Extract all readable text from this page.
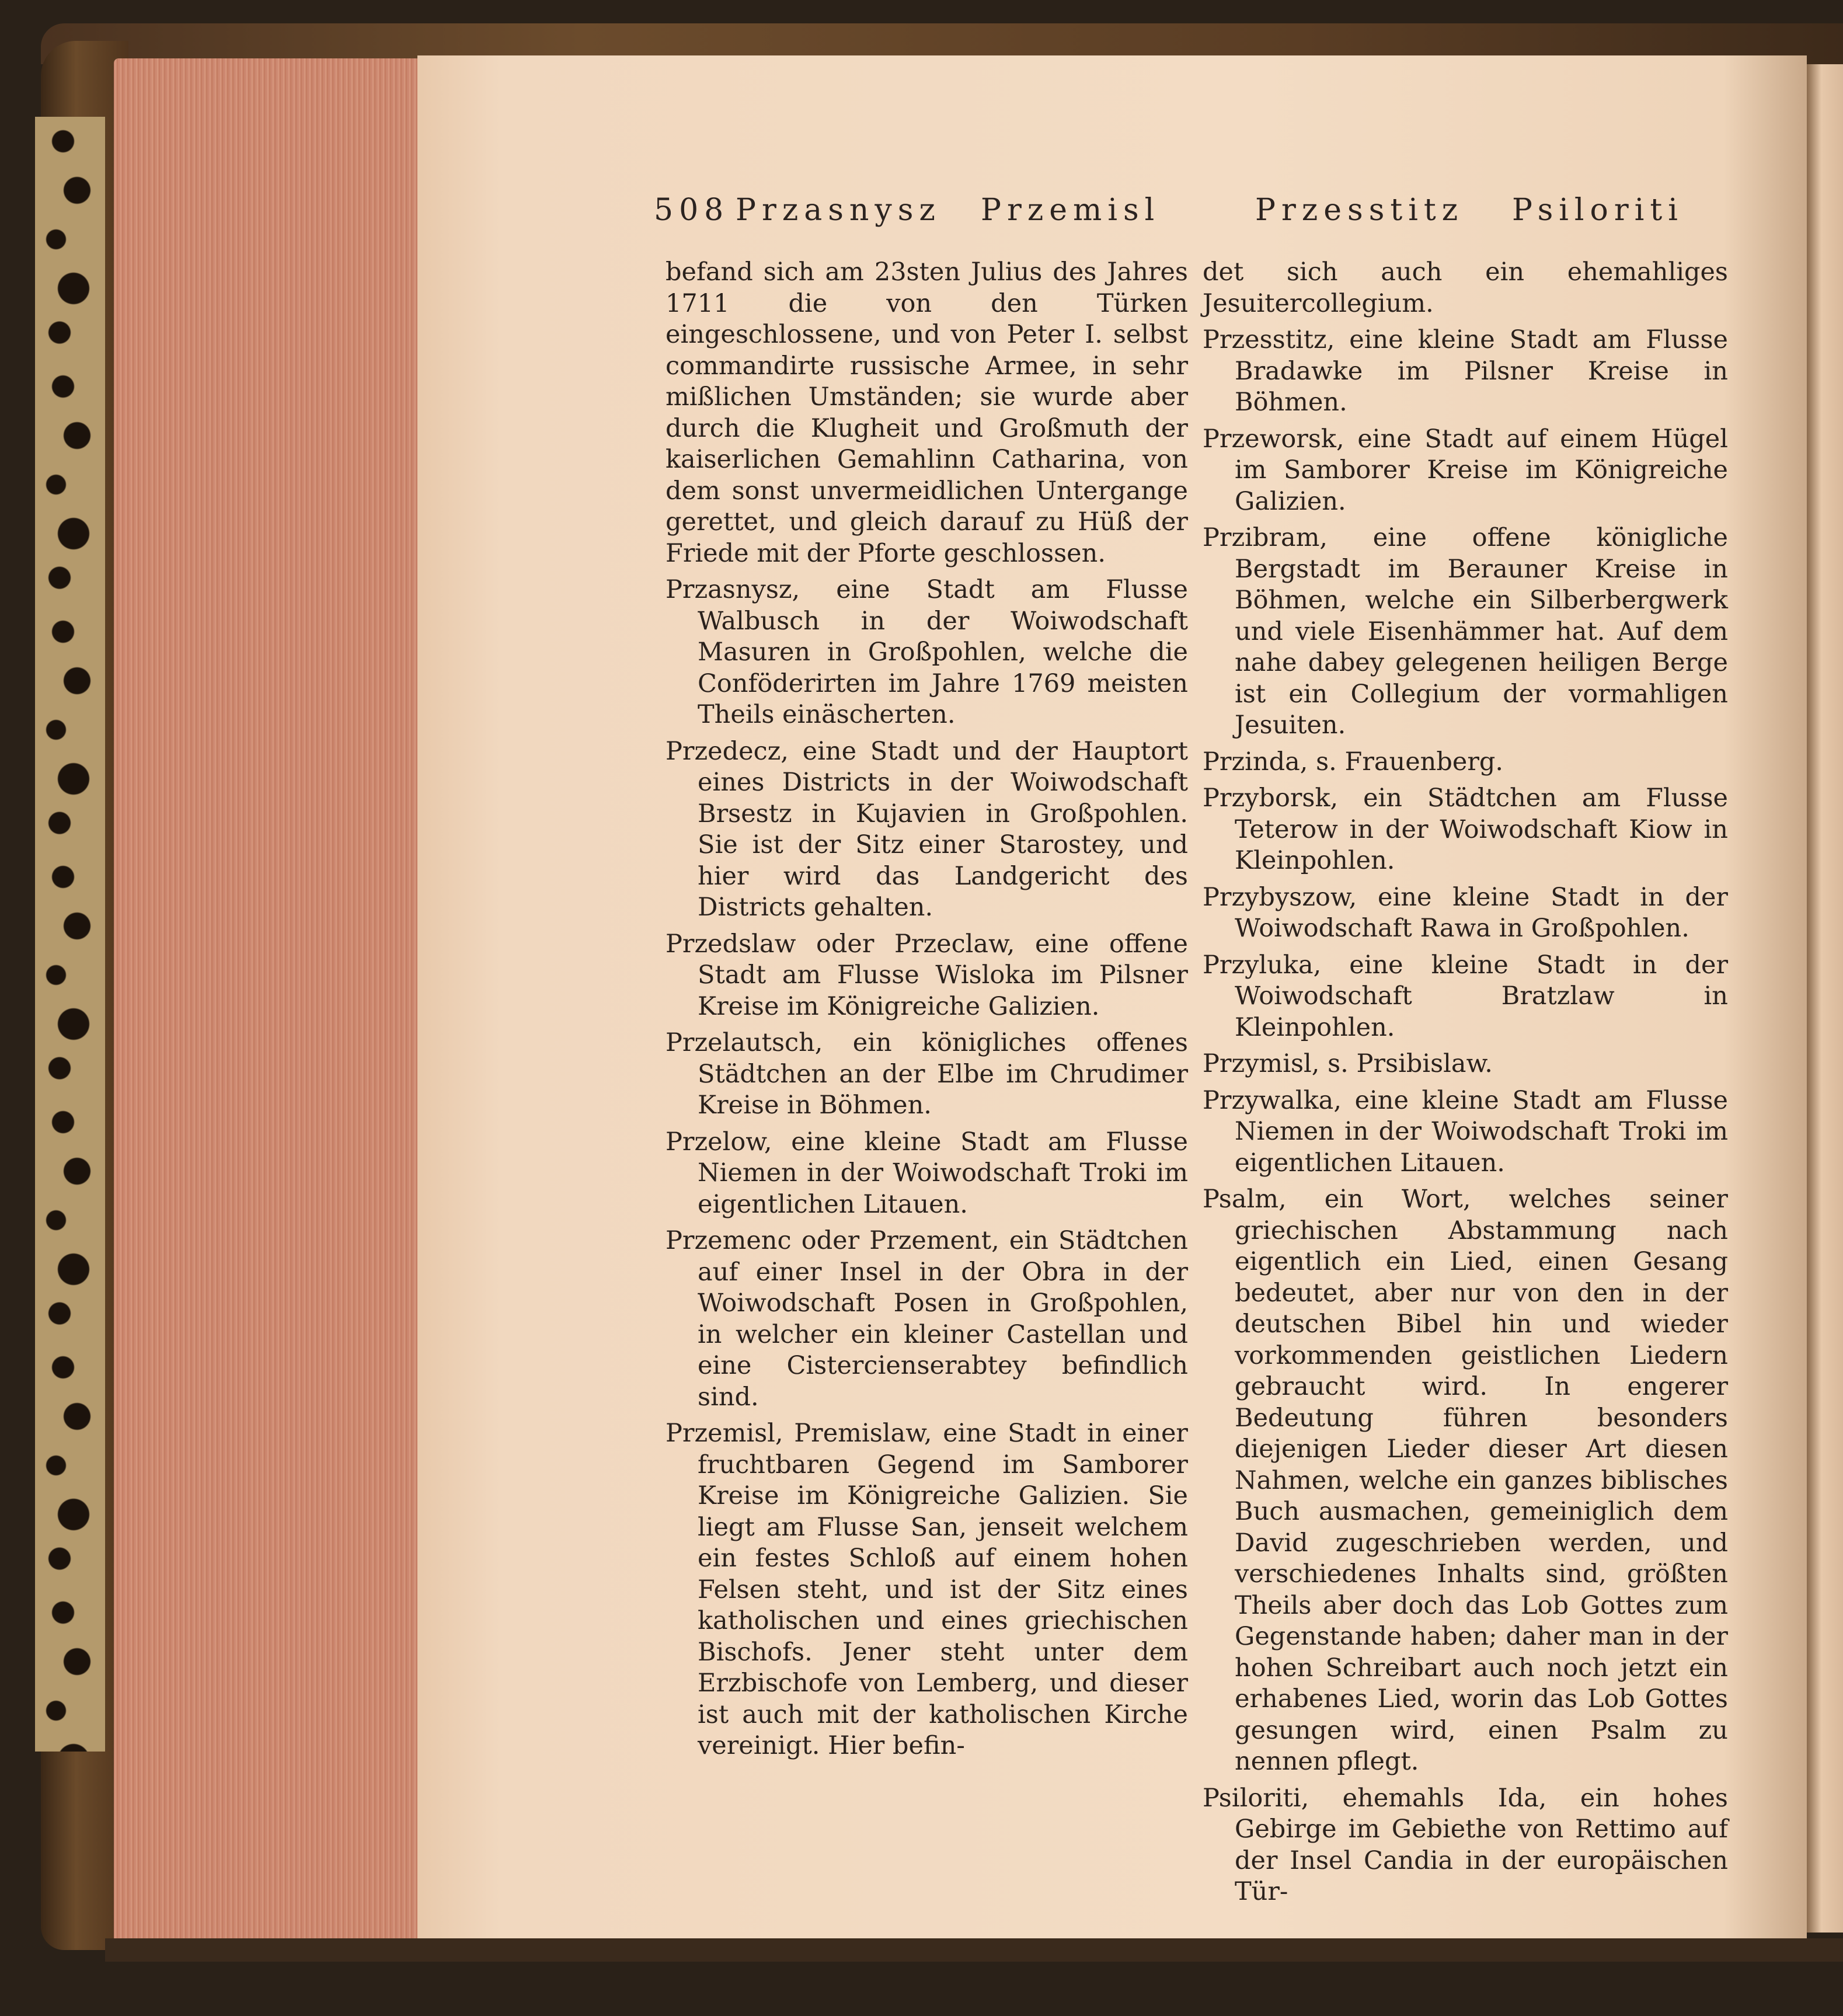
508 Przasnysz Przemisl	Przesstitz Psiloriti

befand sich am 23sten Julius des Jahres 1711 die von den Türken eingeschlossene, und von Peter I. selbst commandirte russische Armee, in sehr mißlichen Umständen; sie wurde aber durch die Klugheit und Großmuth der kaiserlichen Gemahlinn Catharina, von dem sonst unvermeidlichen Untergange gerettet, und gleich darauf zu Hüß der Friede mit der Pforte geschlossen.

Przasnysz, eine Stadt am Flusse Walbusch in der Woiwodschaft Masuren in Großpohlen, welche die Conföderirten im Jahre 1769 meisten Theils einäscherten.

Przedecz, eine Stadt und der Hauptort eines Districts in der Woiwodschaft Brsestz in Kujavien in Großpohlen. Sie ist der Sitz einer Starostey, und hier wird das Landgericht des Districts gehalten.

Przedslaw oder Przeclaw, eine offene Stadt am Flusse Wisloka im Pilsner Kreise im Königreiche Galizien.

Przelautsch, ein königliches offenes Städtchen an der Elbe im Chrudimer Kreise in Böhmen.

Przelow, eine kleine Stadt am Flusse Niemen in der Woiwodschaft Troki im eigentlichen Litauen.

Przemenc oder Przement, ein Städtchen auf einer Insel in der Obra in der Woiwodschaft Posen in Großpohlen, in welcher ein kleiner Castellan und eine Cistercienserabtey befindlich sind.

Przemisl, Premislaw, eine Stadt in einer fruchtbaren Gegend im Samborer Kreise im Königreiche Galizien. Sie liegt am Flusse San, jenseit welchem ein festes Schloß auf einem hohen Felsen steht, und ist der Sitz eines katholischen und eines griechischen Bischofs. Jener steht unter dem Erzbischofe von Lemberg, und dieser ist auch mit der katholischen Kirche vereinigt. Hier befin-

det sich auch ein ehemahliges Jesuitercollegium.

Przesstitz, eine kleine Stadt am Flusse Bradawke im Pilsner Kreise in Böhmen.

Przeworsk, eine Stadt auf einem Hügel im Samborer Kreise im Königreiche Galizien.

Przibram, eine offene königliche Bergstadt im Berauner Kreise in Böhmen, welche ein Silberbergwerk und viele Eisenhämmer hat. Auf dem nahe dabey gelegenen heiligen Berge ist ein Collegium der vormahligen Jesuiten.

Przinda, s. Frauenberg.

Przyborsk, ein Städtchen am Flusse Teterow in der Woiwodschaft Kiow in Kleinpohlen.

Przybyszow, eine kleine Stadt in der Woiwodschaft Rawa in Großpohlen.

Przyluka, eine kleine Stadt in der Woiwodschaft Bratzlaw in Kleinpohlen.

Przymisl, s. Prsibislaw.

Przywalka, eine kleine Stadt am Flusse Niemen in der Woiwodschaft Troki im eigentlichen Litauen.

Psalm, ein Wort, welches seiner griechischen Abstammung nach eigentlich ein Lied, einen Gesang bedeutet, aber nur von den in der deutschen Bibel hin und wieder vorkommenden geistlichen Liedern gebraucht wird. In engerer Bedeutung führen besonders diejenigen Lieder dieser Art diesen Nahmen, welche ein ganzes biblisches Buch ausmachen, gemeiniglich dem David zugeschrieben werden, und verschiedenes Inhalts sind, größten Theils aber doch das Lob Gottes zum Gegenstande haben; daher man in der hohen Schreibart auch noch jetzt ein erhabenes Lied, worin das Lob Gottes gesungen wird, einen Psalm zu nennen pflegt.

Psiloriti, ehemahls Ida, ein hohes Gebirge im Gebiethe von Rettimo auf der Insel Candia in der europäischen Tür-
